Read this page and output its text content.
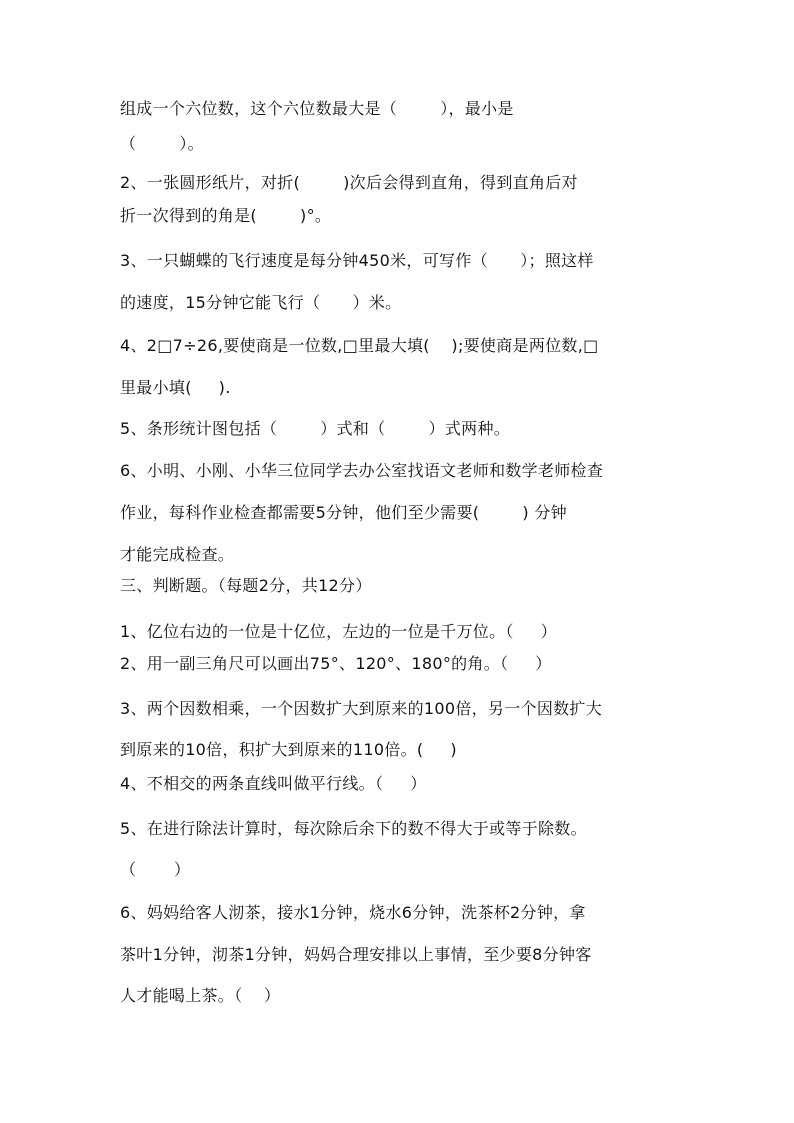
组成一个六位数，这个六位数最大是（        ），最小是
（        ）。
2、一张圆形纸片，对折(        )次后会得到直角，得到直角后对
折一次得到的角是(        )°。
3、一只蝴蝶的飞行速度是每分钟450米，可写作（      ）；照这样
的速度，15分钟它能飞行（      ）米。
4、2□7÷26,要使商是一位数,□里最大填(    );要使商是两位数,□
里最小填(     ).
5、条形统计图包括（        ）式和（        ）式两种。
6、小明、小刚、小华三位同学去办公室找语文老师和数学老师检查
作业，每科作业检查都需要5分钟，他们至少需要(        ) 分钟
才能完成检查。
三、判断题。（每题2分，共12分）
1、亿位右边的一位是十亿位，左边的一位是千万位。（     ）
2、用一副三角尺可以画出75°、120°、180°的角。（     ）
3、两个因数相乘，一个因数扩大到原来的100倍，另一个因数扩大
到原来的10倍，积扩大到原来的110倍。(     )
4、不相交的两条直线叫做平行线。（     ）
5、在进行除法计算时，每次除后余下的数不得大于或等于除数。
（       ）
6、妈妈给客人沏茶，接水1分钟，烧水6分钟，洗茶杯2分钟，拿
茶叶1分钟，沏茶1分钟，妈妈合理安排以上事情，至少要8分钟客
人才能喝上茶。（    ）
